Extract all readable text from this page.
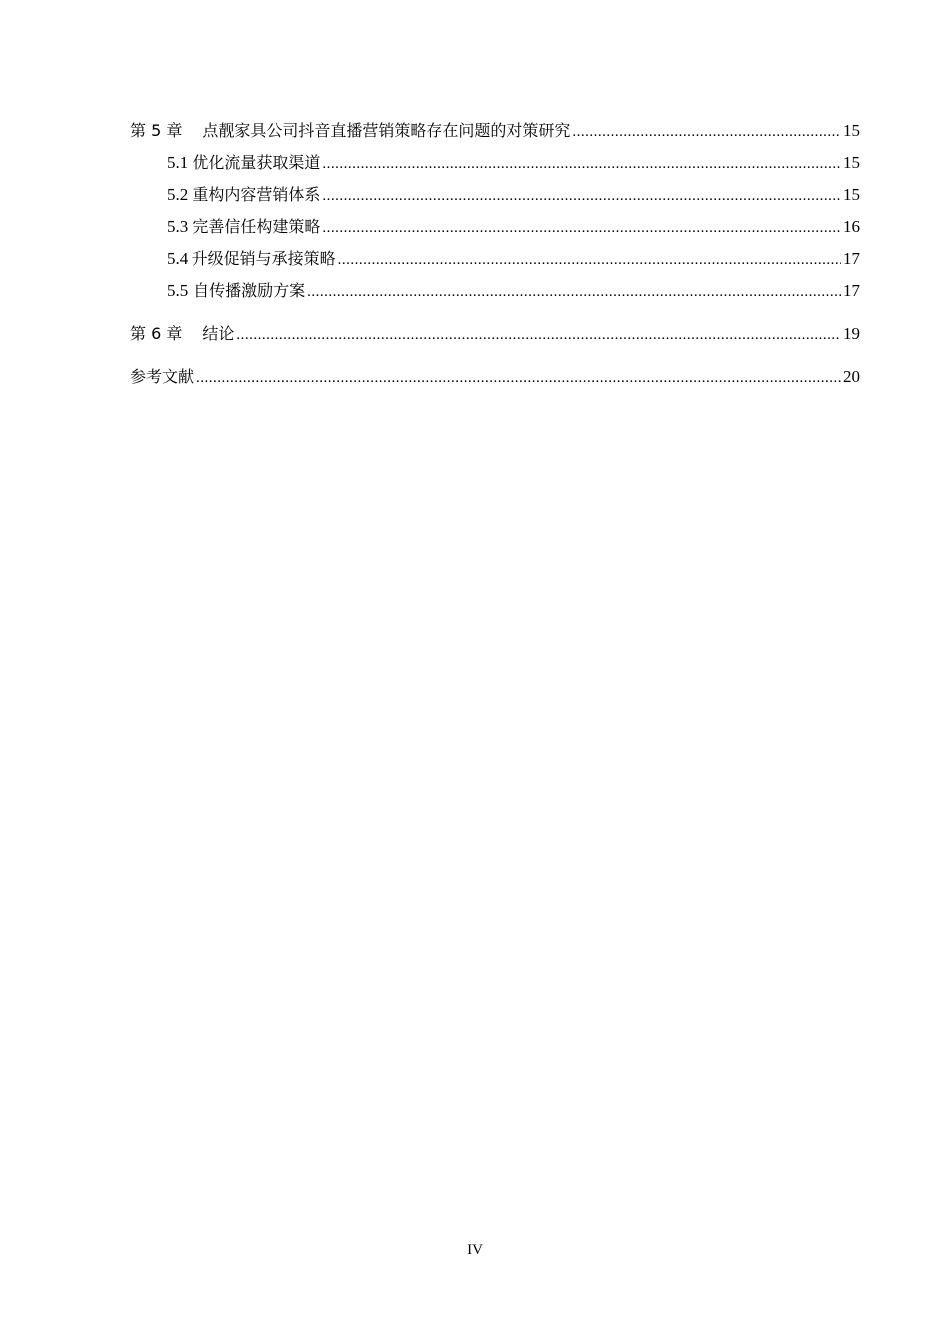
第 5 章 点靓家具公司抖音直播营销策略存在问题的对策研究 .....	15
5.1 优化流量获取渠道 .....	15
5.2 重构内容营销体系 .....	15
5.3 完善信任构建策略 .....	16
5.4 升级促销与承接策略 .....	17
5.5 自传播激励方案 .....	17
第 6 章 结论 .....	19
参考文献 .....	20
IV
